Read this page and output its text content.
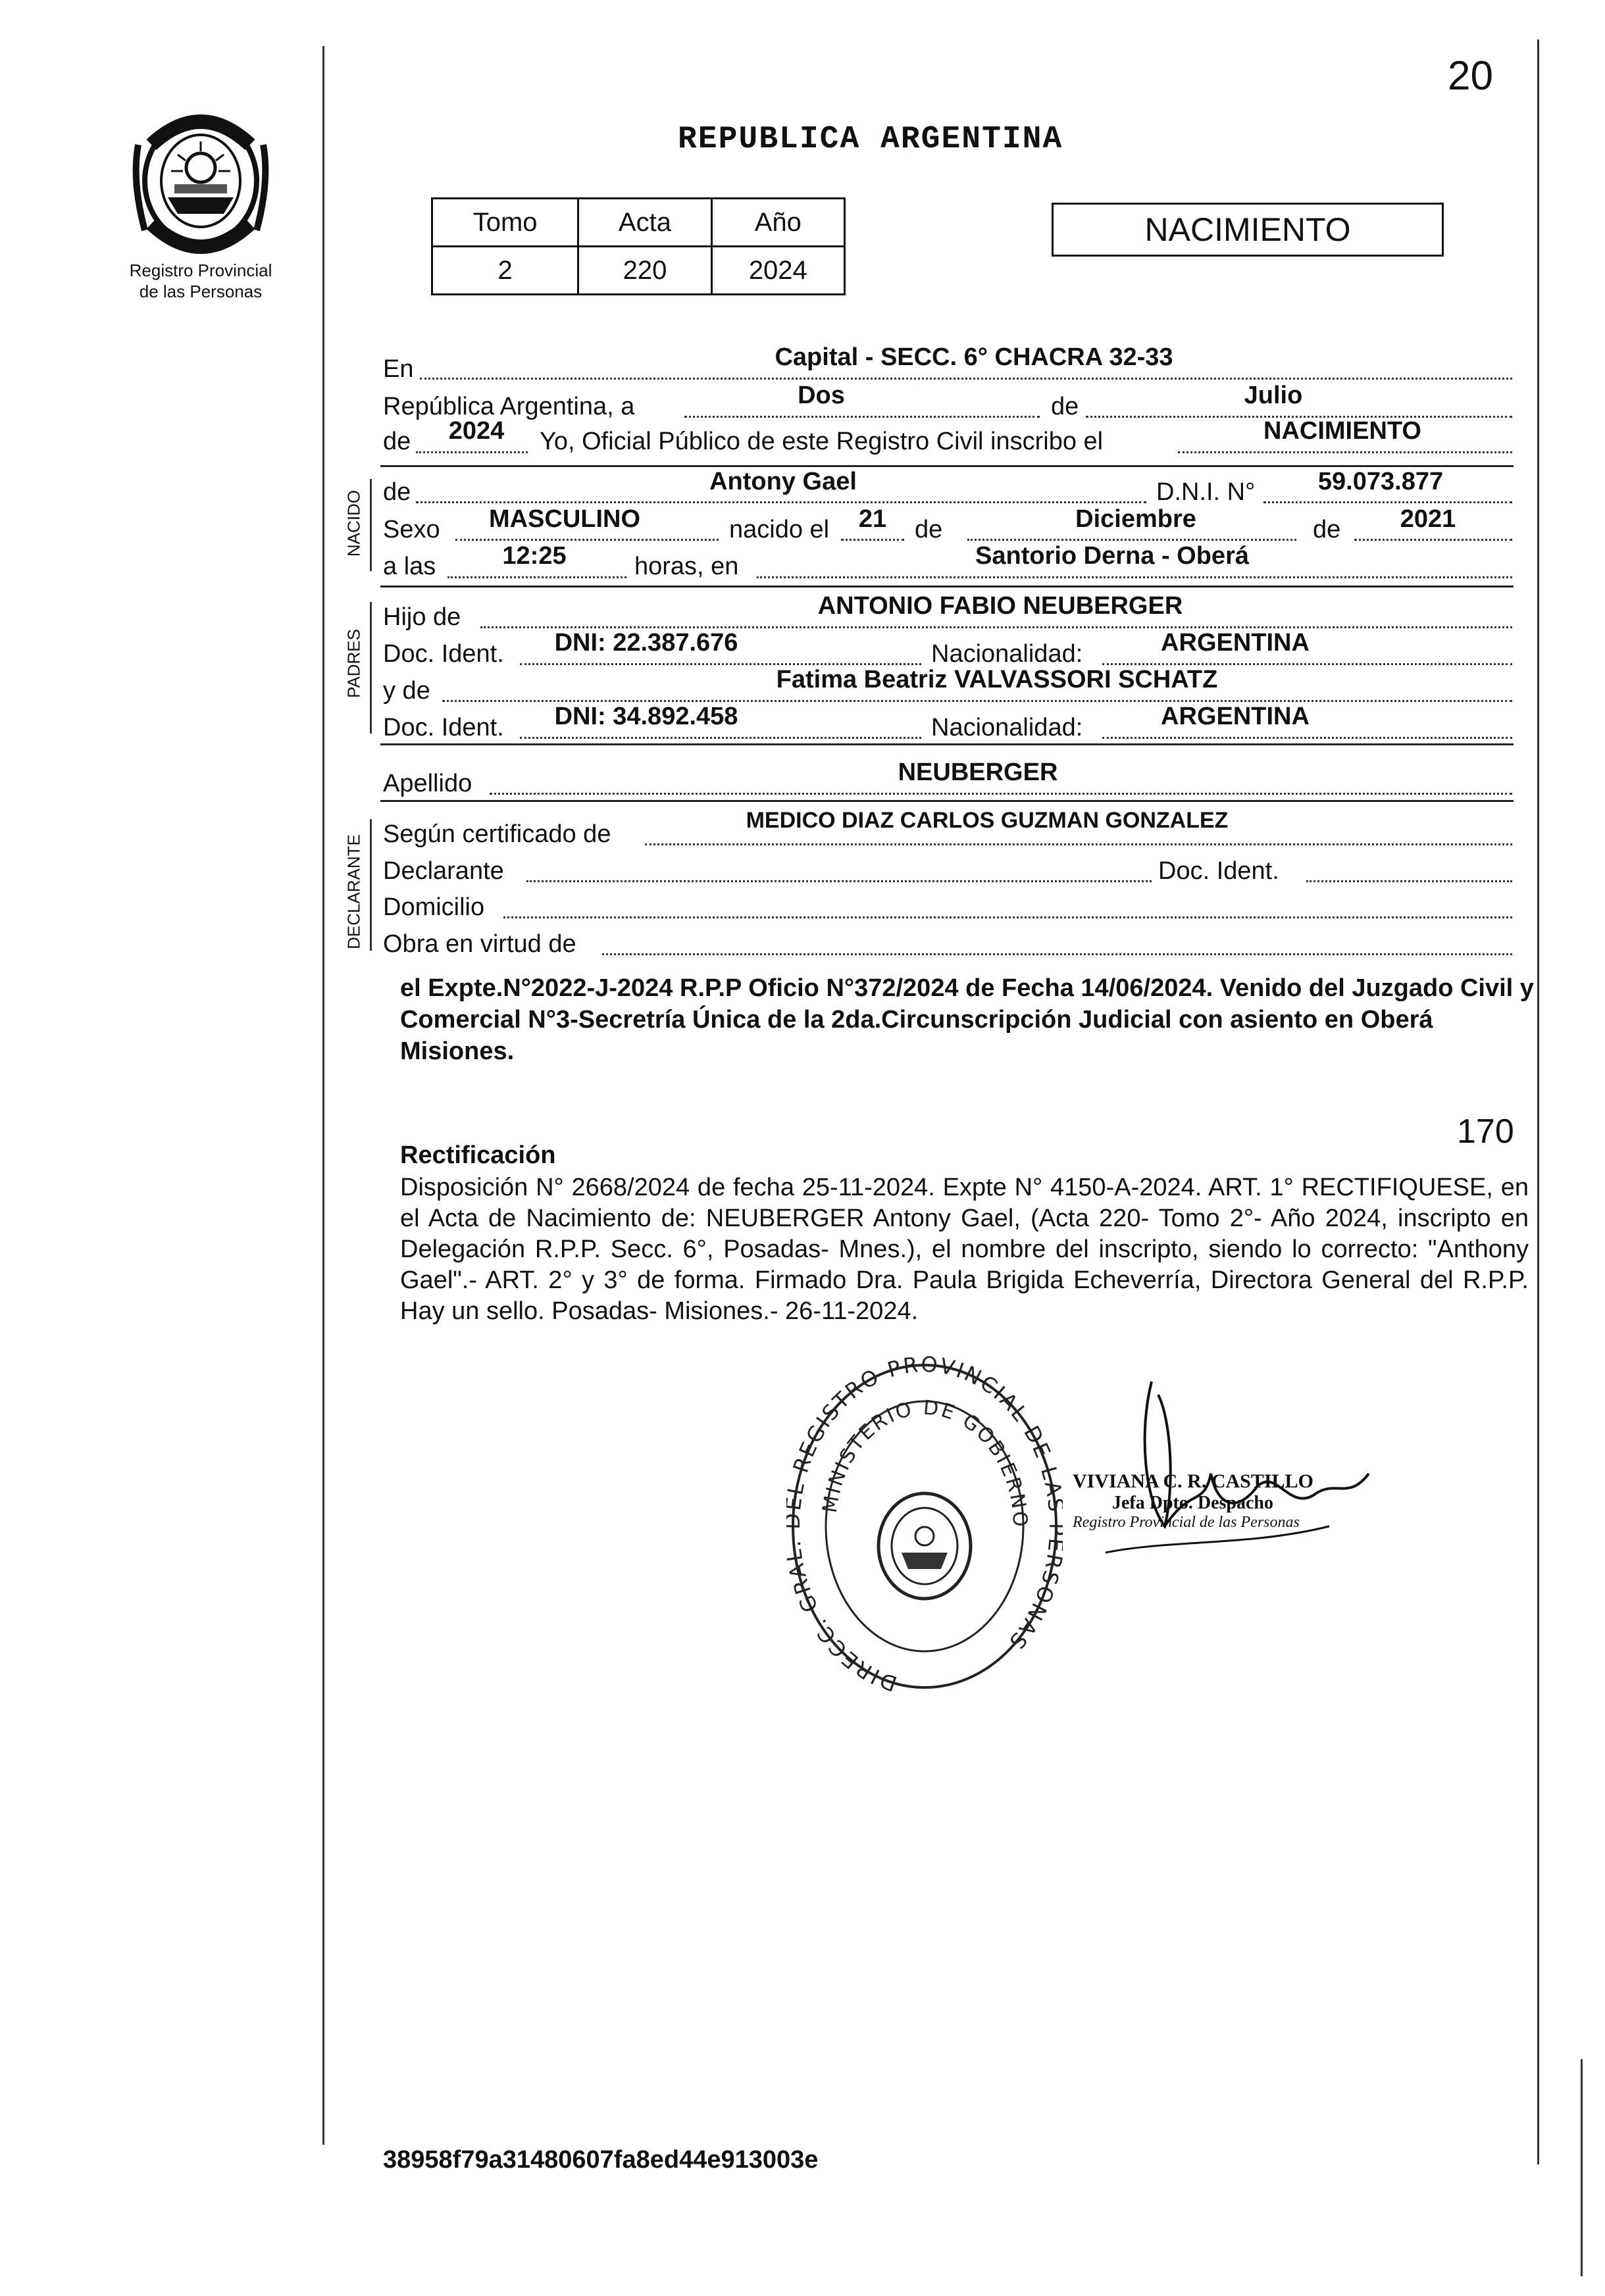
20
Registro Provincial
de las Personas
REPUBLICA ARGENTINA
Tomo	Acta	Año
2	220	2024
NACIMIENTO
NACIDO
PADRES
DECLARANTE
En	Capital - SECC. 6° CHACRA 32-33
República Argentina, a	Dos	de	Julio
de 2024 Yo, Oficial Público de este Registro Civil inscribo el	NACIMIENTO
de	Antony Gael	D.N.I. N°	59.073.877
Sexo MASCULINO	nacido el 21 de	Diciembre	de 2021
a las	12:25	horas, en	Santorio Derna - Oberá
Hijo de	ANTONIO FABIO NEUBERGER
Doc. Ident. DNI: 22.387.676	Nacionalidad:	ARGENTINA
y de	Fatima Beatriz VALVASSORI SCHATZ
Doc. Ident. DNI: 34.892.458	Nacionalidad:	ARGENTINA
Apellido	NEUBERGER
Según certificado de	MEDICO DIAZ CARLOS GUZMAN GONZALEZ
Declarante	Doc. Ident.
Domicilio
Obra en virtud de
el Expte.N°2022-J-2024 R.P.P Oficio N°372/2024 de Fecha 14/06/2024. Venido del Juzgado Civil y Comercial N°3-Secretría Única de la 2da.Circunscripción Judicial con asiento en Oberá Misiones.
170
Rectificación
Disposición N° 2668/2024 de fecha 25-11-2024. Expte N° 4150-A-2024. ART. 1° RECTIFIQUESE, en el Acta de Nacimiento de: NEUBERGER Antony Gael, (Acta 220- Tomo 2°- Año 2024, inscripto en Delegación R.P.P. Secc. 6°, Posadas- Mnes.), el nombre del inscripto, siendo lo correcto: "Anthony Gael".- ART. 2° y 3° de forma. Firmado Dra. Paula Brigida Echeverría, Directora General del R.P.P. Hay un sello. Posadas- Misiones.- 26-11-2024.
DIRECC. GR REGISTRO PROVINCIAL DE L SONAS
MINISTERIO DE GOBIERNO
VIVIANA C. R. CASTILLO
Jefa Dpto. Despacho
Registro Provincial de las Personas
38958f79a31480607fa8ed44e913003e
